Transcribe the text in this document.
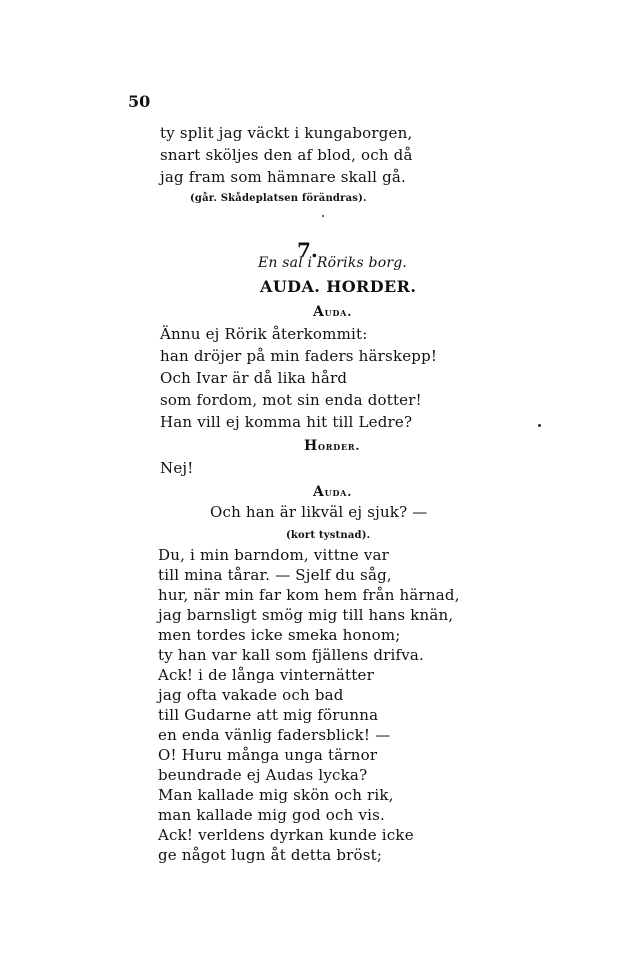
50
ty split jag väckt i kungaborgen,
snart sköljes den af blod, och då
jag fram som hämnare skall gå.
(går. Skådeplatsen förändras).
7.
En sal i Röriks borg.
AUDA. HORDER.
Auda.
Ännu ej Rörik återkommit:
han dröjer på min faders härskepp!
Och Ivar är då lika hård
som fordom, mot sin enda dotter!
Han vill ej komma hit till Ledre?
Horder.
Nej!
Auda.
Och han är likväl ej sjuk? —
(kort tystnad).
Du, i min barndom, vittne var
till mina tårar. — Sjelf du såg,
hur, när min far kom hem från härnad,
jag barnsligt smög mig till hans knän,
men tordes icke smeka honom;
ty han var kall som fjällens drifva.
Ack! i de långa vinternätter
jag ofta vakade och bad
till Gudarne att mig förunna
en enda vänlig fadersblick! —
O! Huru många unga tärnor
beundrade ej Audas lycka?
Man kallade mig skön och rik,
man kallade mig god och vis.
Ack! verldens dyrkan kunde icke
ge något lugn åt detta bröst;
